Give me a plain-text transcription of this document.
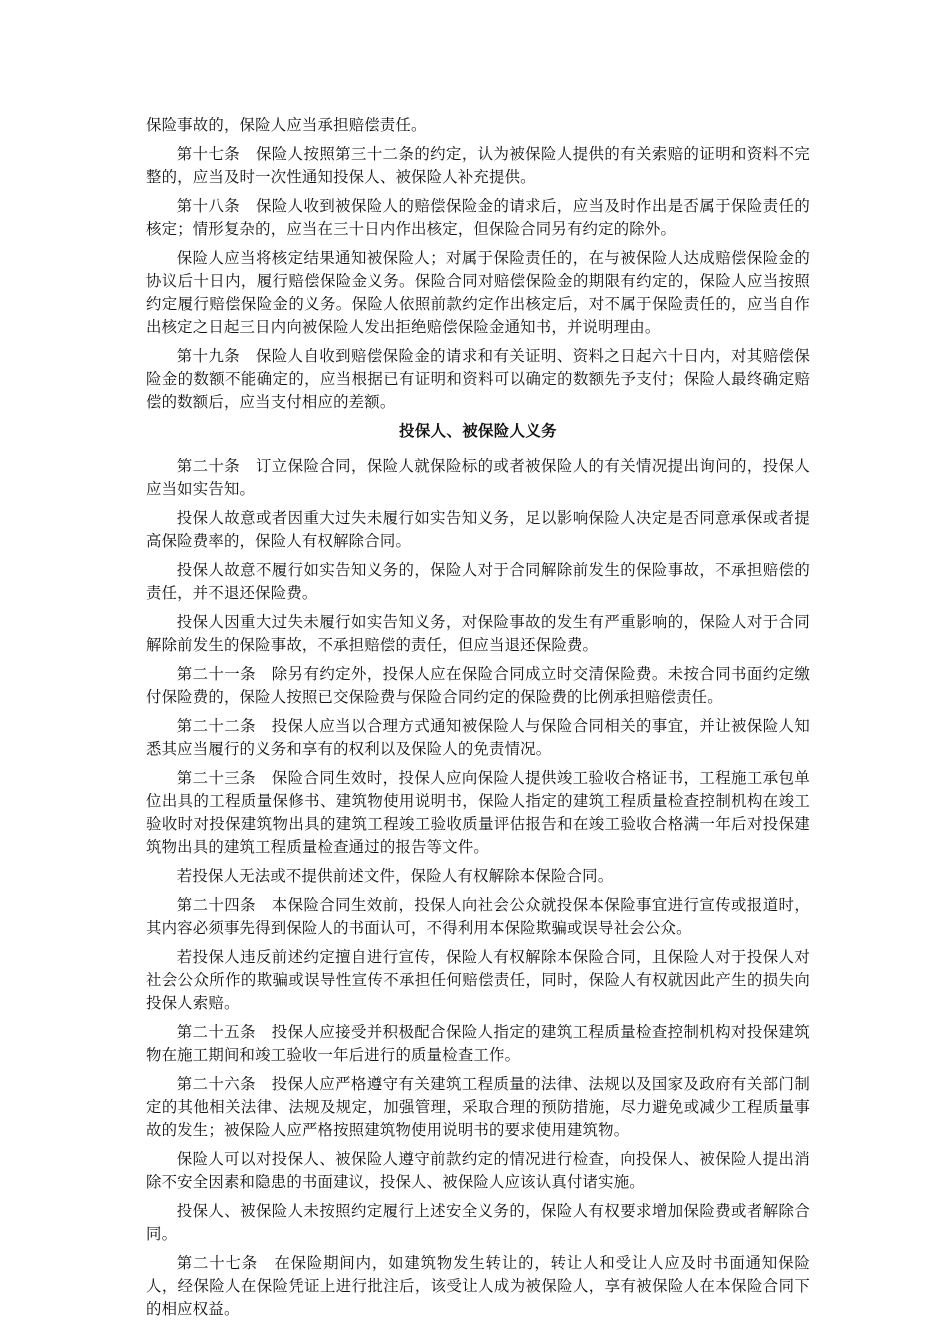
保险事故的，保险人应当承担赔偿责任。

第十七条　保险人按照第三十二条的约定，认为被保险人提供的有关索赔的证明和资料不完整的，应当及时一次性通知投保人、被保险人补充提供。

第十八条　保险人收到被保险人的赔偿保险金的请求后，应当及时作出是否属于保险责任的核定；情形复杂的，应当在三十日内作出核定，但保险合同另有约定的除外。

保险人应当将核定结果通知被保险人；对属于保险责任的，在与被保险人达成赔偿保险金的协议后十日内，履行赔偿保险金义务。保险合同对赔偿保险金的期限有约定的，保险人应当按照约定履行赔偿保险金的义务。保险人依照前款约定作出核定后，对不属于保险责任的，应当自作出核定之日起三日内向被保险人发出拒绝赔偿保险金通知书，并说明理由。

第十九条　保险人自收到赔偿保险金的请求和有关证明、资料之日起六十日内，对其赔偿保险金的数额不能确定的，应当根据已有证明和资料可以确定的数额先予支付；保险人最终确定赔偿的数额后，应当支付相应的差额。

投保人、被保险人义务

第二十条　订立保险合同，保险人就保险标的或者被保险人的有关情况提出询问的，投保人应当如实告知。

投保人故意或者因重大过失未履行如实告知义务，足以影响保险人决定是否同意承保或者提高保险费率的，保险人有权解除合同。

投保人故意不履行如实告知义务的，保险人对于合同解除前发生的保险事故，不承担赔偿的责任，并不退还保险费。

投保人因重大过失未履行如实告知义务，对保险事故的发生有严重影响的，保险人对于合同解除前发生的保险事故，不承担赔偿的责任，但应当退还保险费。

第二十一条　除另有约定外，投保人应在保险合同成立时交清保险费。未按合同书面约定缴付保险费的，保险人按照已交保险费与保险合同约定的保险费的比例承担赔偿责任。

第二十二条　投保人应当以合理方式通知被保险人与保险合同相关的事宜，并让被保险人知悉其应当履行的义务和享有的权利以及保险人的免责情况。

第二十三条　保险合同生效时，投保人应向保险人提供竣工验收合格证书，工程施工承包单位出具的工程质量保修书、建筑物使用说明书，保险人指定的建筑工程质量检查控制机构在竣工验收时对投保建筑物出具的建筑工程竣工验收质量评估报告和在竣工验收合格满一年后对投保建筑物出具的建筑工程质量检查通过的报告等文件。

若投保人无法或不提供前述文件，保险人有权解除本保险合同。

第二十四条　本保险合同生效前，投保人向社会公众就投保本保险事宜进行宣传或报道时，其内容必须事先得到保险人的书面认可，不得利用本保险欺骗或误导社会公众。

若投保人违反前述约定擅自进行宣传，保险人有权解除本保险合同，且保险人对于投保人对社会公众所作的欺骗或误导性宣传不承担任何赔偿责任，同时，保险人有权就因此产生的损失向投保人索赔。

第二十五条　投保人应接受并积极配合保险人指定的建筑工程质量检查控制机构对投保建筑物在施工期间和竣工验收一年后进行的质量检查工作。

第二十六条　投保人应严格遵守有关建筑工程质量的法律、法规以及国家及政府有关部门制定的其他相关法律、法规及规定，加强管理，采取合理的预防措施，尽力避免或减少工程质量事故的发生；被保险人应严格按照建筑物使用说明书的要求使用建筑物。

保险人可以对投保人、被保险人遵守前款约定的情况进行检查，向投保人、被保险人提出消除不安全因素和隐患的书面建议，投保人、被保险人应该认真付诸实施。

投保人、被保险人未按照约定履行上述安全义务的，保险人有权要求增加保险费或者解除合同。

第二十七条　在保险期间内，如建筑物发生转让的，转让人和受让人应及时书面通知保险人，经保险人在保险凭证上进行批注后，该受让人成为被保险人，享有被保险人在本保险合同下的相应权益。
